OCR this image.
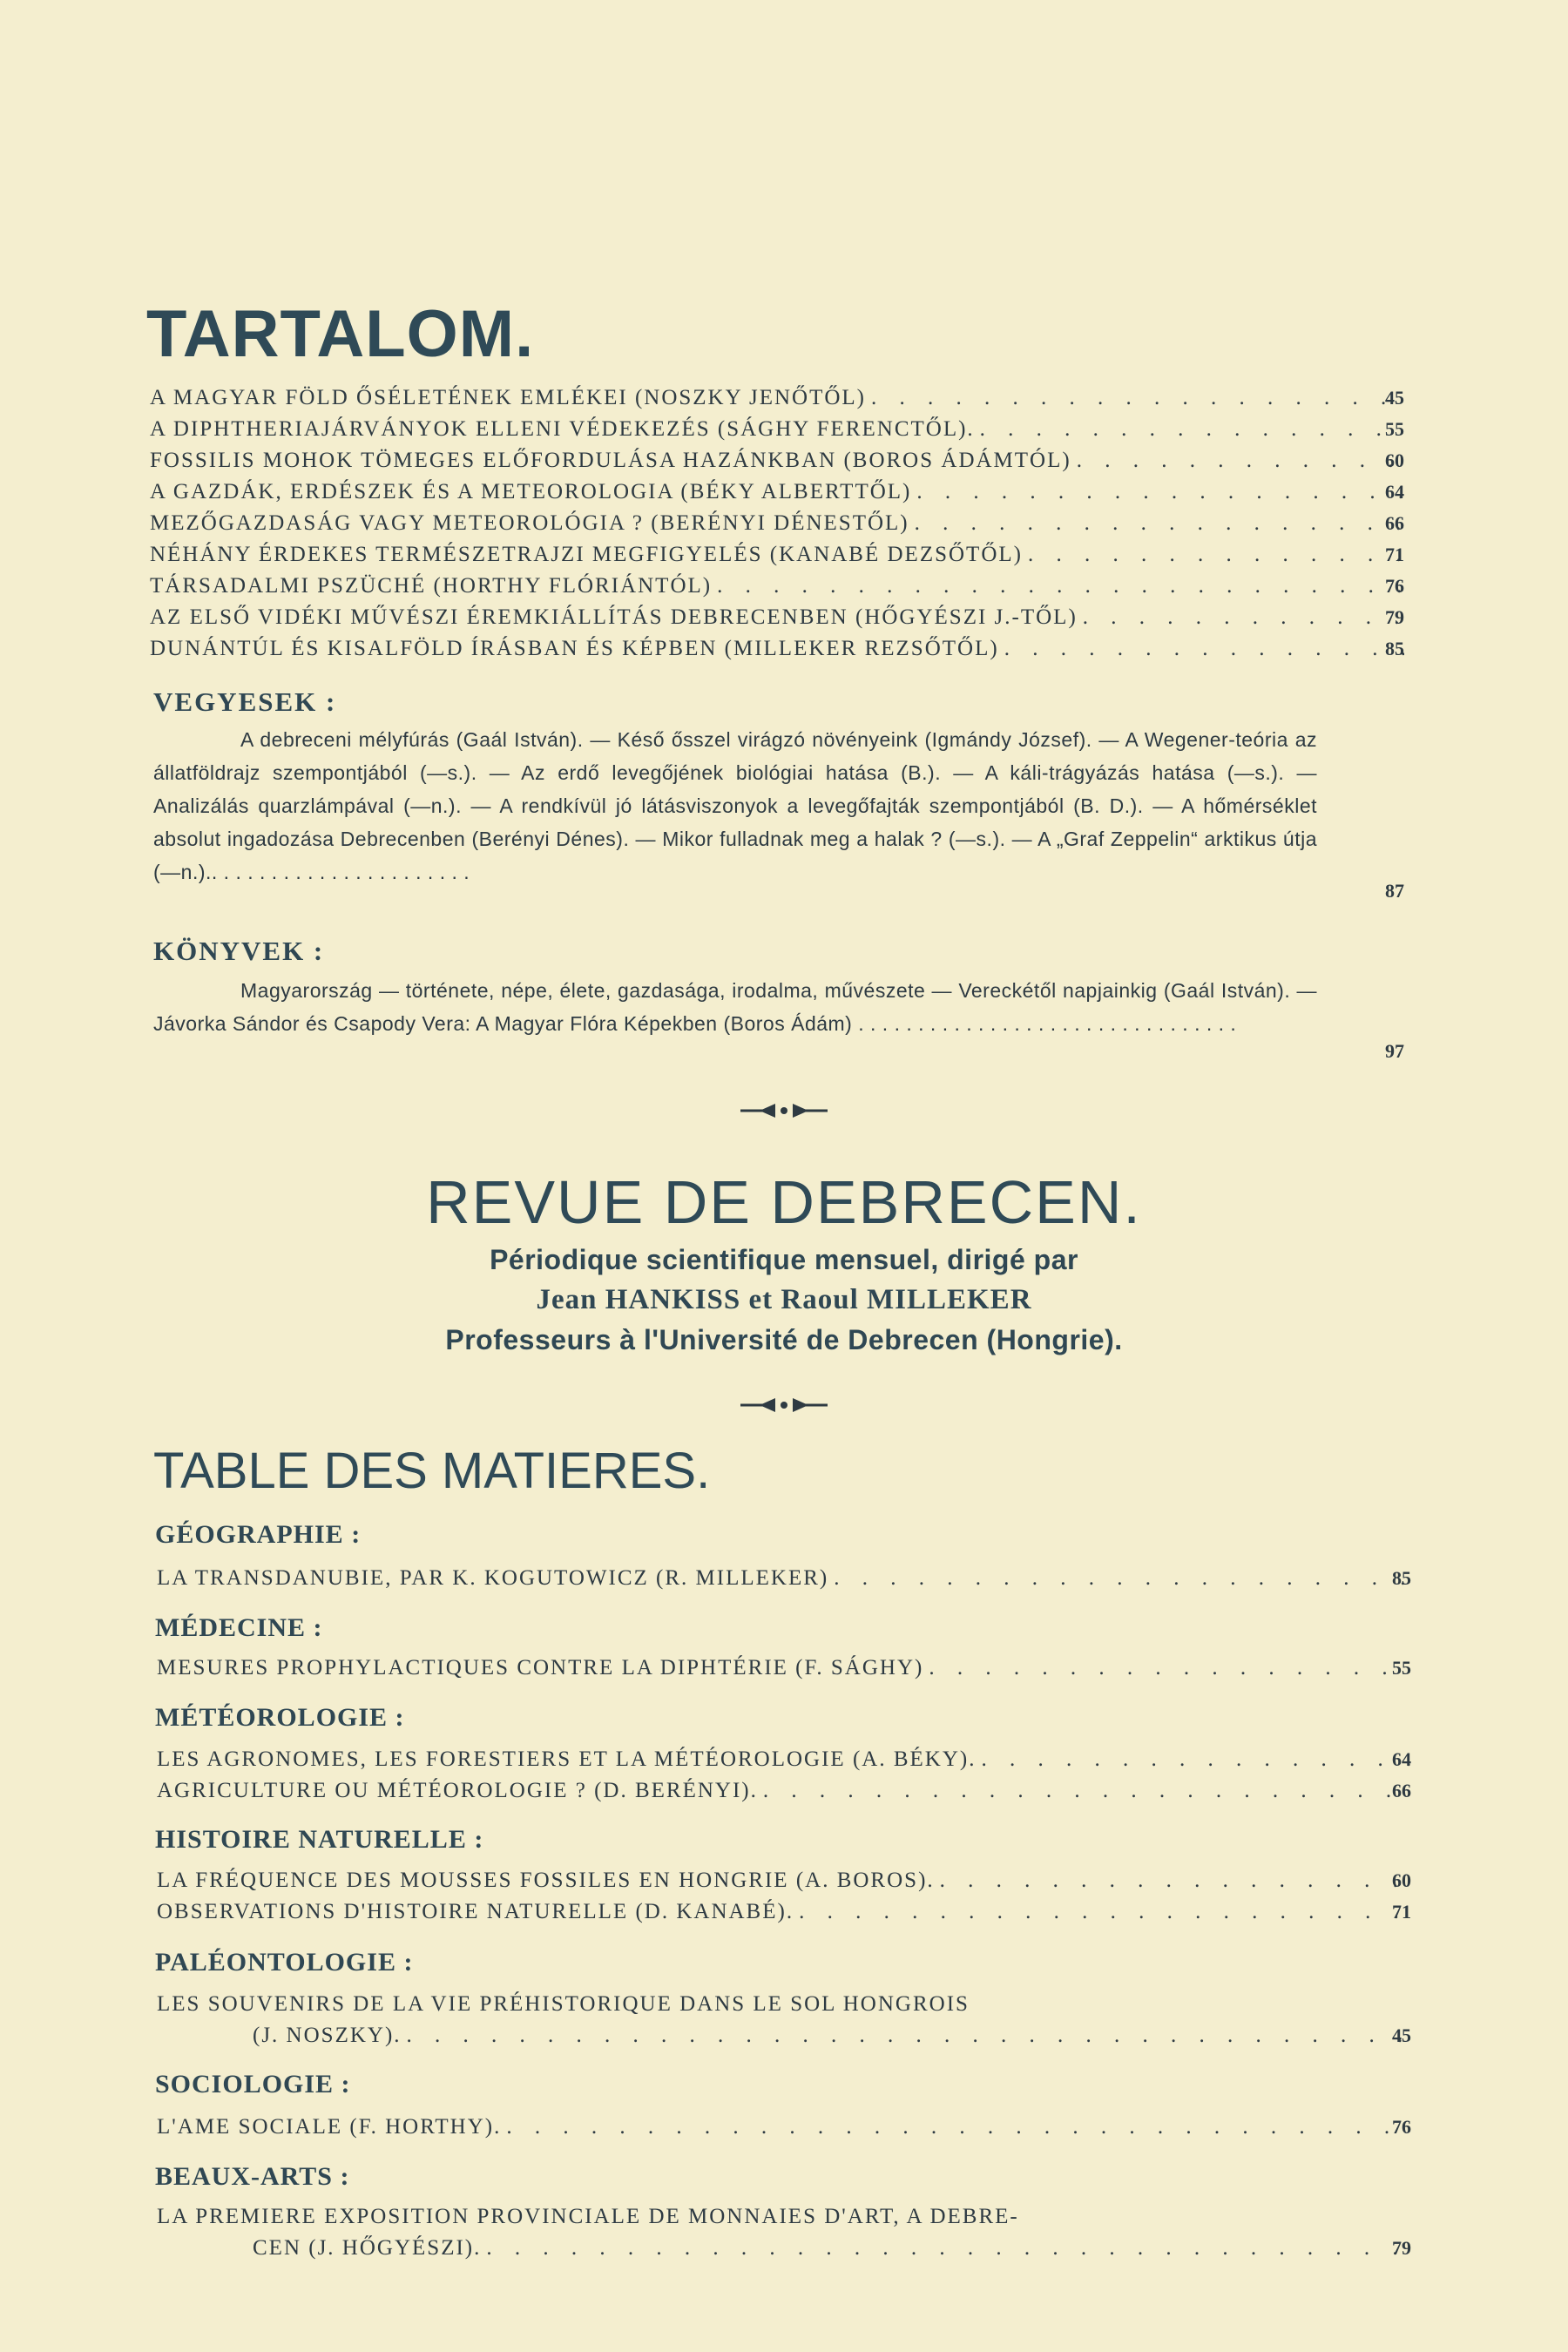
TARTALOM.
A MAGYAR FÖLD ŐSÉLETÉNEK EMLÉKEI (NOSZKY JENŐTŐL) . . .	45
A DIPHTHERIAJÁRVÁNYOK ELLENI VÉDEKEZÉS (SÁGHY FERENCTŐL). . . .	55
FOSSILIS MOHOK TÖMEGES ELŐFORDULÁSA HAZÁNKBAN (BOROS ÁDÁMTÓL) . . .	60
A GAZDÁK, ERDÉSZEK ÉS A METEOROLOGIA (BÉKY ALBERTTŐL) . . .	64
MEZŐGAZDASÁG VAGY METEOROLÓGIA ? (BERÉNYI DÉNESTŐL) . . .	66
NÉHÁNY ÉRDEKES TERMÉSZETRAJZI MEGFIGYELÉS (KANABÉ DEZSŐTŐL) . . .	71
TÁRSADALMI PSZÜCHÉ (HORTHY FLÓRIÁNTÓL) . . .	76
AZ ELSŐ VIDÉKI MŰVÉSZI ÉREMKIÁLLÍTÁS DEBRECENBEN (HŐGYÉSZI J.-TŐL) . . .	79
DUNÁNTÚL ÉS KISALFÖLD ÍRÁSBAN ÉS KÉPBEN (MILLEKER REZSŐTŐL) . . .	85
VEGYESEK :
A debreceni mélyfúrás (Gaál István). — Késő ősszel virágzó növényeink (Igmándy József). — A Wegener-teória az állatföldrajz szempontjából (—s.). — Az erdő levegőjének biológiai hatása (B.). — A káli-trágyázás hatása (—s.). — Analizálás quarzlámpával (—n.). — A rendkívül jó látásviszonyok a levegőfajták szempontjából (B. D.). — A hőmérséklet absolut ingadozása Debrecenben (Berényi Dénes). — Mikor fulladnak meg a halak ? (—s.). — A „Graf Zeppelin“ arktikus útja (—n.).. . . . . . . . . . . . . . . . . . . . . .
87
KÖNYVEK :
Magyarország — története, népe, élete, gazdasága, irodalma, művészete — Vereckétől napjainkig (Gaál István). — Jávorka Sándor és Csapody Vera: A Magyar Flóra Képekben (Boros Ádám) . . . . . . . . . . . . . . . . . . . . . . . . . . . . . . . .
97
REVUE DE DEBRECEN.
Périodique scientifique mensuel, dirigé par
Jean HANKISS et Raoul MILLEKER
Professeurs à l'Université de Debrecen (Hongrie).
TABLE DES MATIERES.
GÉOGRAPHIE :
LA TRANSDANUBIE, PAR K. KOGUTOWICZ (R. MILLEKER) . . .	85
MÉDECINE :
MESURES PROPHYLACTIQUES CONTRE LA DIPHTÉRIE (F. SÁGHY) . . .	55
MÉTÉOROLOGIE :
LES AGRONOMES, LES FORESTIERS ET LA MÉTÉOROLOGIE (A. BÉKY). . . .	64
AGRICULTURE OU MÉTÉOROLOGIE ? (D. BERÉNYI). . . .	66
HISTOIRE NATURELLE :
LA FRÉQUENCE DES MOUSSES FOSSILES EN HONGRIE (A. BOROS). . . .	60
OBSERVATIONS D'HISTOIRE NATURELLE (D. KANABÉ). . . .	71
PALÉONTOLOGIE :
LES SOUVENIRS DE LA VIE PRÉHISTORIQUE DANS LE SOL HONGROIS
(J. NOSZKY). . . .	45
SOCIOLOGIE :
L'AME SOCIALE (F. HORTHY). . . .	76
BEAUX-ARTS :
LA PREMIERE EXPOSITION PROVINCIALE DE MONNAIES D'ART, A DEBRE-
CEN (J. HŐGYÉSZI). . . .	79
